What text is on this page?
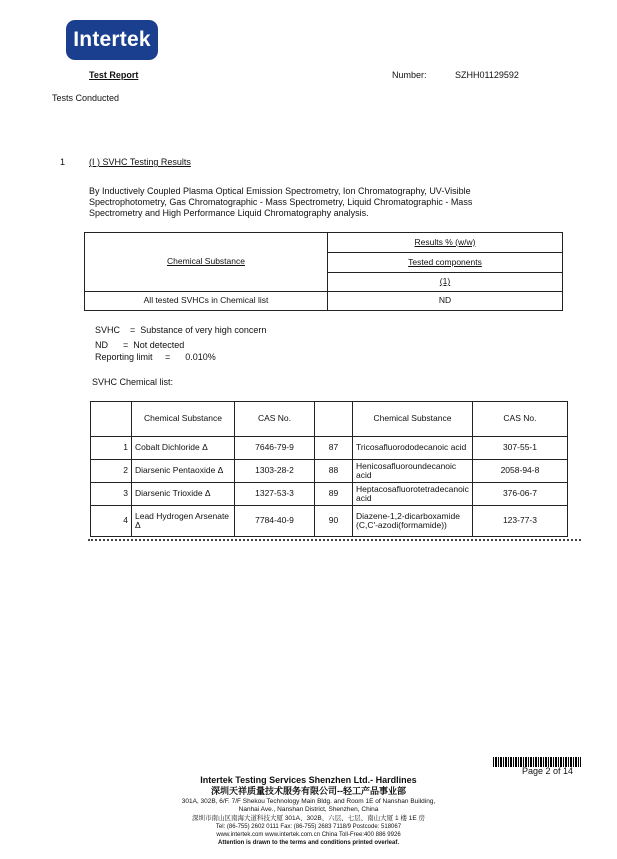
Intertek
Test Report	Number:	SZHH01129592
Tests Conducted
1	(I ) SVHC Testing Results
By Inductively Coupled Plasma Optical Emission Spectrometry, Ion Chromatography, UV-Visible
Spectrophotometry, Gas Chromatographic - Mass Spectrometry, Liquid Chromatographic - Mass
Spectrometry and High Performance Liquid Chromatography analysis.
Chemical Substance	Results % (w/w)
	Tested components
	(1)
All tested SVHCs in Chemical list	ND
SVHC    =  Substance of very high concern
ND      =  Not detected
Reporting limit     =      0.010%
SVHC Chemical list:
	Chemical Substance	CAS No.		Chemical Substance	CAS No.
1	Cobalt Dichloride Δ	7646-79-9	87	Tricosafluorododecanoic acid	307-55-1
2	Diarsenic Pentaoxide Δ	1303-28-2	88	Henicosafluoroundecanoic acid	2058-94-8
3	Diarsenic Trioxide Δ	1327-53-3	89	Heptacosafluorotetradecanoic acid	376-06-7
4	Lead Hydrogen Arsenate Δ	7784-40-9	90	Diazene-1,2-dicarboxamide (C,C'-azodi(formamide))	123-77-3
Page 2 of 14
Intertek Testing Services Shenzhen Ltd.- Hardlines
深圳天祥质量技术服务有限公司--轻工产品事业部
301A, 302B, 6/F. 7/F Shekou Technology Main Bldg. and Room 1E of Nanshan Building,
Nanhai Ave., Nanshan District, Shenzhen, China
深圳市南山区南海大道科技大厦 301A、302B、六层、七层、南山大厦 1 楼 1E 房
Tel: (86-755) 2602 0111 Fax: (86-755) 2683 7118/9 Postcode: 518067
www.intertek.com www.intertek.com.cn China Toll-Free:400 886 9926
Attention is drawn to the terms and conditions printed overleaf.
